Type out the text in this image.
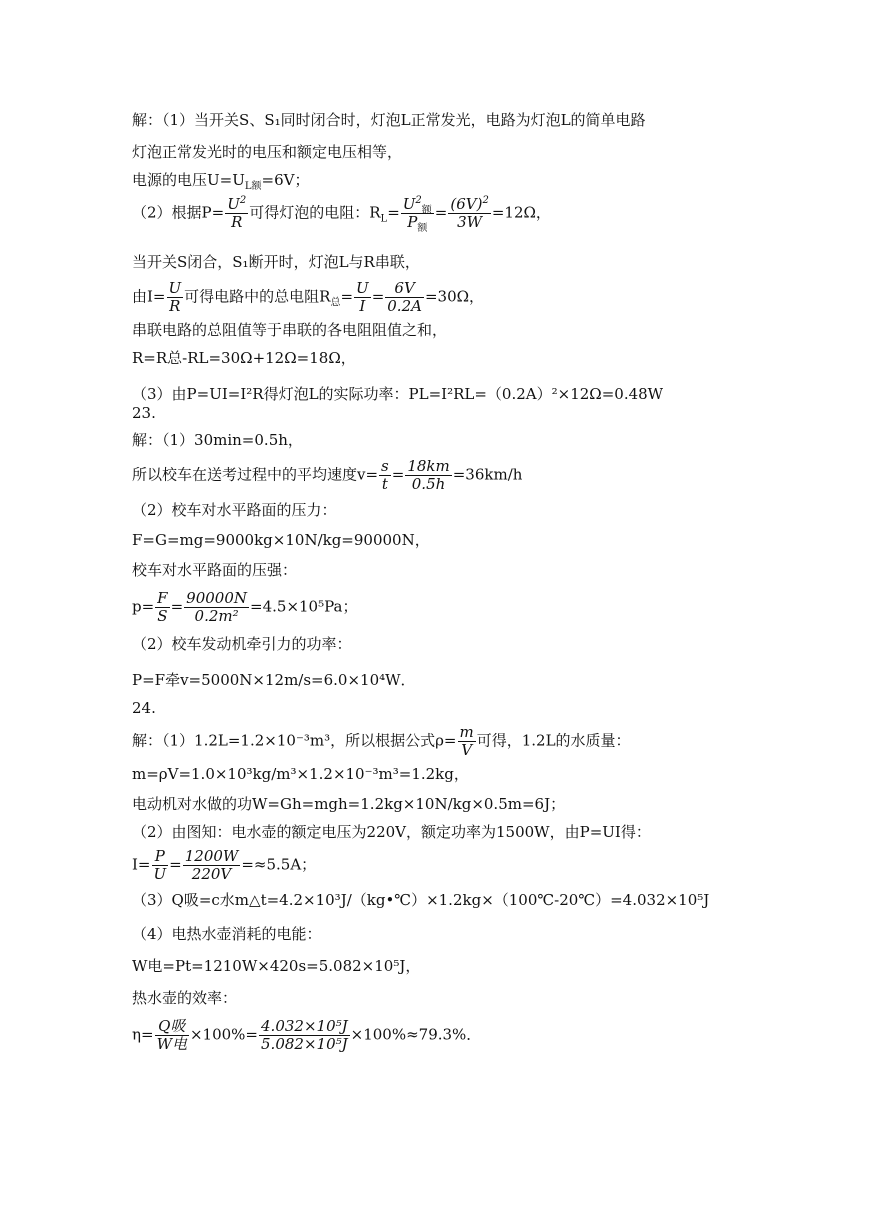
解：（1）当开关S、S₁同时闭合时，灯泡L正常发光，电路为灯泡L的简单电路
灯泡正常发光时的电压和额定电压相等，
电源的电压$U=U_{L额}=6V$；
（2）根据$P= \frac{U^2}{R}$ 可得灯泡的电阻：$R_L= \frac{U^2_额}{P_额} = \frac{(6V)^2}{3W} =12\Omega$，
当开关S闭合，S₁断开时，灯泡L与R串联，
由$I= \frac{U}{R}$ 可得电路中的总电阻$R_总= \frac{U}{I} = \frac{6V}{0.2A} =30\Omega$，
串联电路的总阻值等于串联的各电阻阻值之和，
R=R总-RL=30Ω+12Ω=18Ω，
（3）由P=UI=I²R得灯泡L的实际功率：PL=I²RL=（0.2A）²×12Ω=0.48W
23.
解：（1）30min=0.5h，
所以校车在送考过程中的平均速度$v= \frac{s}{t} = \frac{18km}{0.5h} =36km/h$
（2）校车对水平路面的压力：
F=G=mg=9000kg×10N/kg=90000N，
校车对水平路面的压强：
$p= \frac{F}{S} = \frac{90000N}{\text{0.2m²}} =4.5\times 10^5Pa$；
（2）校车发动机牵引力的功率：
P=F牵v=5000N×12m/s=6.0×10⁴W．
24.
解：（1）1.2L=1.2×10⁻³m³，所以根据公式$\rho= \frac{m}{V}$ 可得，1.2L的水质量：
m=ρV=1.0×10³kg/m³×1.2×10⁻³m³=1.2kg，
电动机对水做的功W=Gh=mgh=1.2kg×10N/kg×0.5m=6J；
（2）由图知：电水壶的额定电压为220V，额定功率为1500W，由P=UI得：
$I= \frac{P}{U} = \frac{1200W}{220V} =\approx 5.5A$；
（3）Q吸=c水m△t=4.2×10³J/（kg•℃）×1.2kg×（100℃-20℃）=4.032×10⁵J
（4）电热水壶消耗的电能：
W电=Pt=1210W×420s=5.082×10⁵J，
热水壶的效率：
$\eta= \frac{\text{Q吸}}{\text{W电}} \times 100\%= \frac{\text{4.032×10⁵J}}{\text{5.082×10⁵J}} \times 100\%\approx 79.3\%$．
